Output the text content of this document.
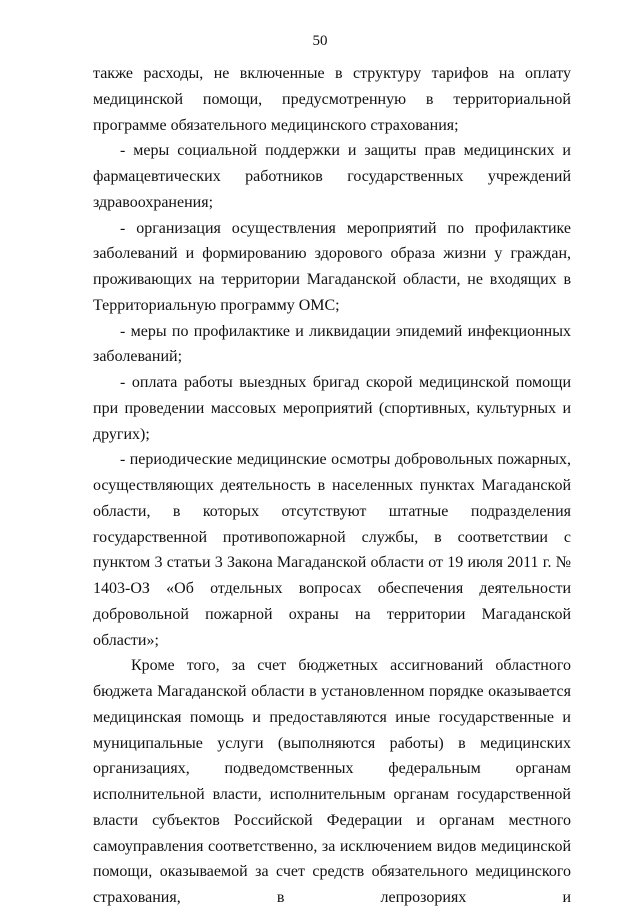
50

также расходы, не включенные в структуру тарифов на оплату медицинской помощи, предусмотренную в территориальной программе обязательного медицинского страхования;

- меры социальной поддержки и защиты прав медицинских и фармацевтических работников государственных учреждений здравоохранения;

- организация осуществления мероприятий по профилактике заболеваний и формированию здорового образа жизни у граждан, проживающих на территории Магаданской области, не входящих в Территориальную программу ОМС;

- меры по профилактике и ликвидации эпидемий инфекционных заболеваний;

- оплата работы выездных бригад скорой медицинской помощи при проведении массовых мероприятий (спортивных, культурных и других);

- периодические медицинские осмотры добровольных пожарных, осуществляющих деятельность в населенных пунктах Магаданской области, в которых отсутствуют штатные подразделения государственной противопожарной службы, в соответствии с пунктом 3 статьи 3 Закона Магаданской области от 19 июля 2011 г. № 1403-ОЗ «Об отдельных вопросах обеспечения деятельности добровольной пожарной охраны на территории Магаданской области»;

Кроме того, за счет бюджетных ассигнований областного бюджета Магаданской области в установленном порядке оказывается медицинская помощь и предоставляются иные государственные и муниципальные услуги (выполняются работы) в медицинских организациях, подведомственных федеральным органам исполнительной власти, исполнительным органам государственной власти субъектов Российской Федерации и органам местного самоуправления соответственно, за исключением видов медицинской помощи, оказываемой за счет средств обязательного медицинского страхования, в лепрозориях и
